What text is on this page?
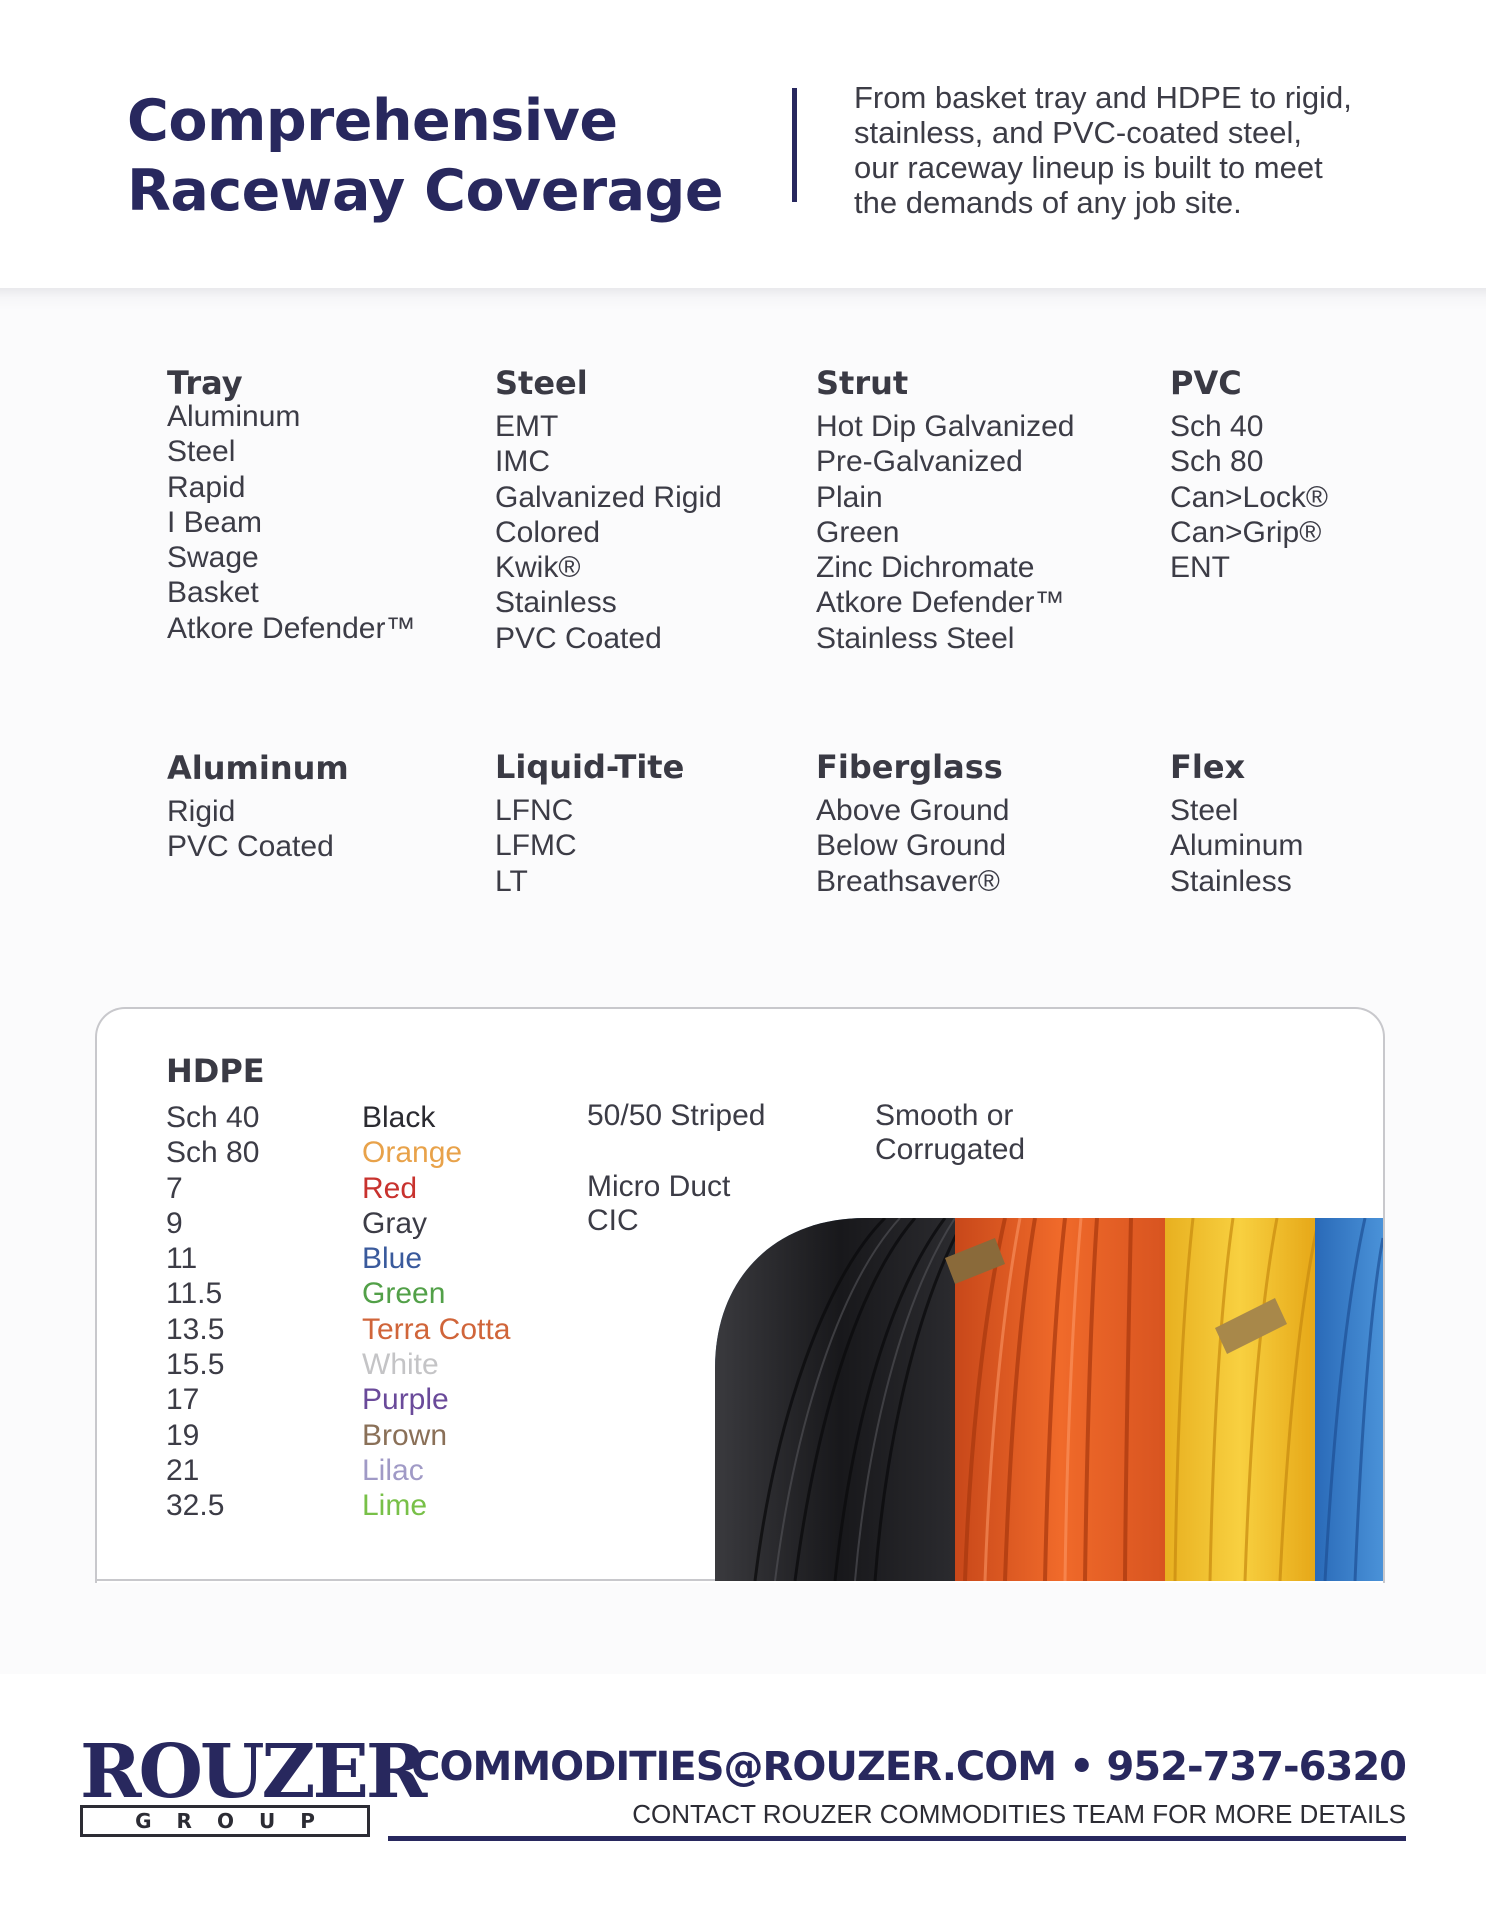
Comprehensive
Raceway Coverage

From basket tray and HDPE to rigid,
stainless, and PVC-coated steel,
our raceway lineup is built to meet
the demands of any job site.

Tray
Aluminum
Steel
Rapid
I Beam
Swage
Basket
Atkore Defender™
Steel
EMT
IMC
Galvanized Rigid
Colored
Kwik®
Stainless
PVC Coated
Strut
Hot Dip Galvanized
Pre-Galvanized
Plain
Green
Zinc Dichromate
Atkore Defender™
Stainless Steel
PVC
Sch 40
Sch 80
Can>Lock®
Can>Grip®
ENT
Aluminum
Rigid
PVC Coated
Liquid-Tite
LFNC
LFMC
LT
Fiberglass
Above Ground
Below Ground
Breathsaver®
Flex
Steel
Aluminum
Stainless
HDPE
Sch 40
Sch 80
7
9
11
11.5
13.5
15.5
17
19
21
32.5
Black
Orange
Red
Gray
Blue
Green
Terra Cotta
White
Purple
Brown
Lilac
Lime

50/50 Striped

Micro Duct
CIC

Smooth or
Corrugated

ROUZER
GROUP
COMMODITIES@ROUZER.COM • 952-737-6320
CONTACT ROUZER COMMODITIES TEAM FOR MORE DETAILS
